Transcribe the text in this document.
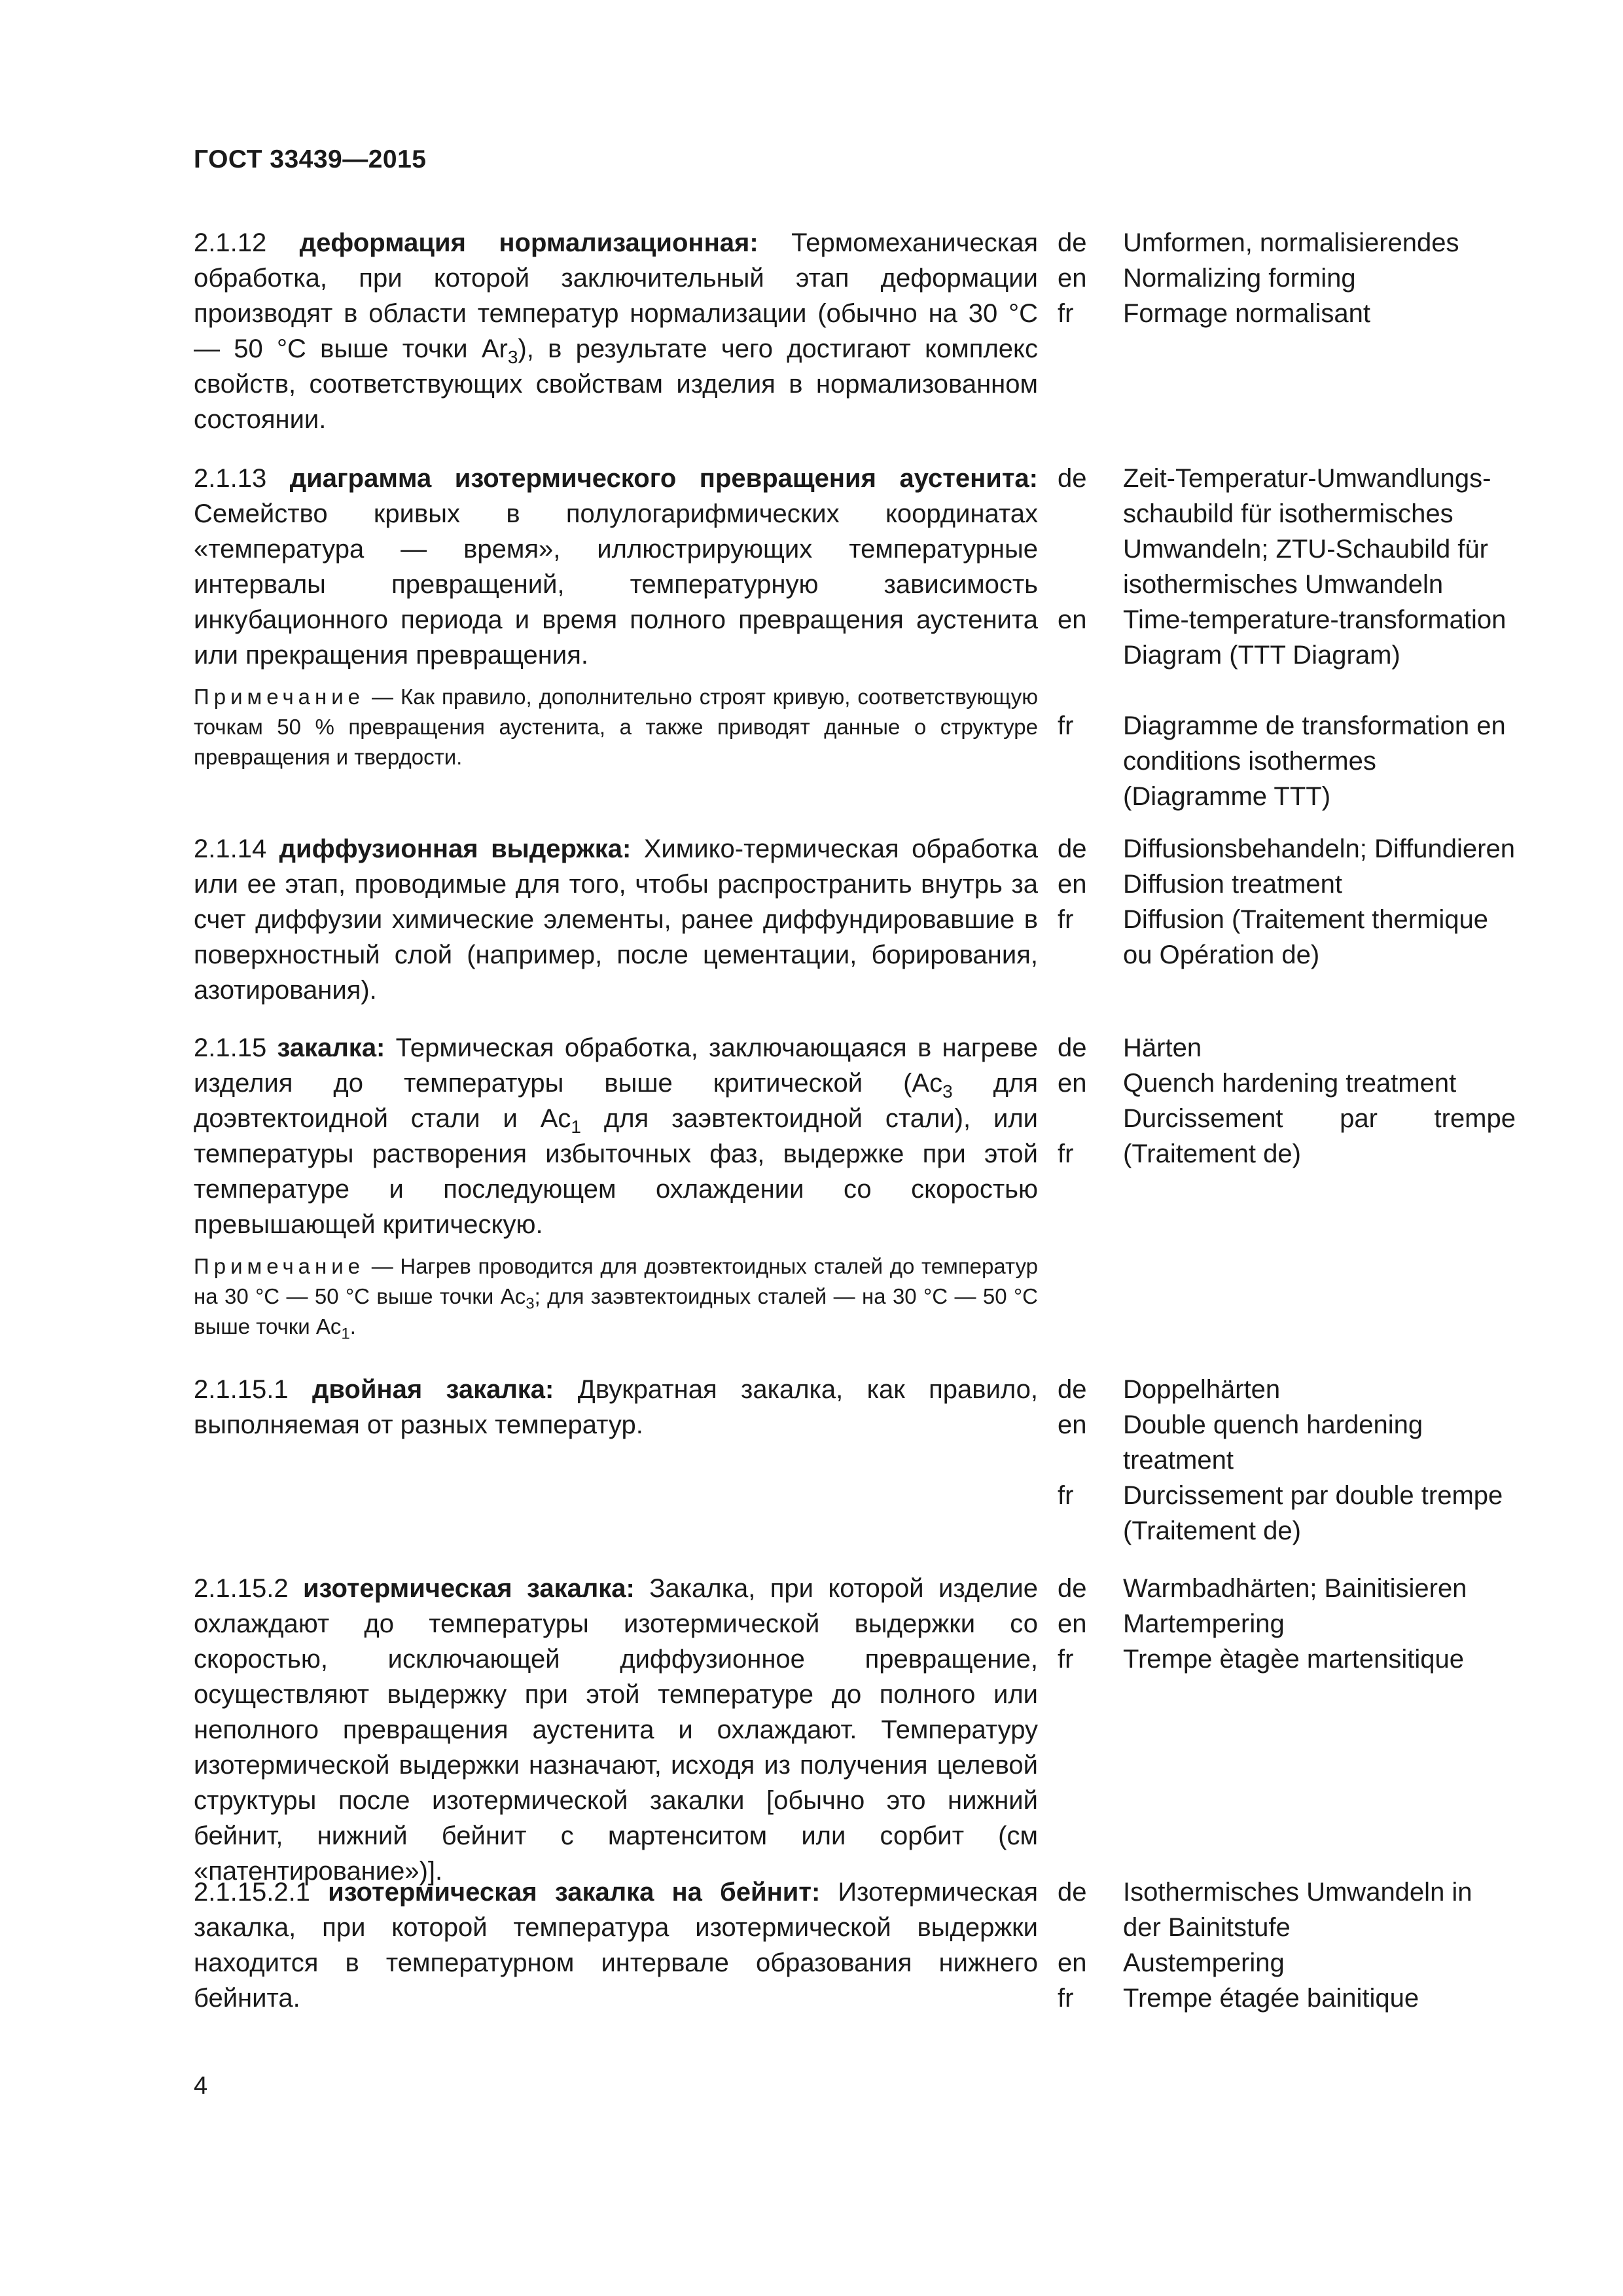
ГОСТ 33439—2015
2.1.12 деформация нормализационная: Термомеханическая обработка, при которой заключительный этап деформации производят в области температур нормализации (обычно на 30 °C — 50 °C выше точки $Ar_3$), в результате чего достигают комплекс свойств, соответствующих свойствам изделия в нормализованном состоянии.
de Umformen, normalisierendes
en Normalizing forming
fr Formage normalisant
2.1.13 диаграмма изотермического превращения аустенита: Семейство кривых в полулогарифмических координатах «температура — время», иллюстрирующих температурные интервалы превращений, температурную зависимость инкубационного периода и время полного превращения аустенита или прекращения превращения.
Примечание — Как правило, дополнительно строят кривую, соответствующую точкам 50 % превращения аустенита, а также приводят данные о структуре превращения и твердости.
de Zeit-Temperatur-Umwandlungs-schaubild für isothermisches Umwandeln; ZTU-Schaubild für isothermisches Umwandeln
en Time-temperature-transformation Diagram (TTT Diagram)
fr Diagramme de transformation en conditions isothermes (Diagramme TTT)
2.1.14 диффузионная выдержка: Химико-термическая обработка или ее этап, проводимые для того, чтобы распространить внутрь за счет диффузии химические элементы, ранее диффундировавшие в поверхностный слой (например, после цементации, борирования, азотирования).
de Diffusionsbehandeln; Diffundieren
en Diffusion treatment
fr Diffusion (Traitement thermique ou Opération de)
2.1.15 закалка: Термическая обработка, заключающаяся в нагреве изделия до температуры выше критической ($Ac_3$ для доэвтектоидной стали и $Ac_1$ для заэвтектоидной стали), или температуры растворения избыточных фаз, выдержке при этой температуре и последующем охлаждении со скоростью превышающей критическую.
Примечание — Нагрев проводится для доэвтектоидных сталей до температур на 30 °C — 50 °C выше точки $Ac_3$; для заэвтектоидных сталей — на 30 °C — 50 °C выше точки $Ac_1$.
de Härten
en Quench hardening treatment
Durcissement par trempe
fr (Traitement de)
2.1.15.1 двойная закалка: Двукратная закалка, как правило, выполняемая от разных температур.
de Doppelhärten
en Double quench hardening treatment
fr Durcissement par double trempe (Traitement de)
2.1.15.2 изотермическая закалка: Закалка, при которой изделие охлаждают до температуры изотермической выдержки со скоростью, исключающей диффузионное превращение, осуществляют выдержку при этой температуре до полного или неполного превращения аустенита и охлаждают. Температуру изотермической выдержки назначают, исходя из получения целевой структуры после изотермической закалки [обычно это нижний бейнит, нижний бейнит с мартенситом или сорбит (см «патентирование»)].
de Warmbadhärten; Bainitisieren
en Martempering
fr Trempe ètagèe martensitique
2.1.15.2.1 изотермическая закалка на бейнит: Изотермическая закалка, при которой температура изотермической выдержки находится в температурном интервале образования нижнего бейнита.
de Isothermisches Umwandeln in der Bainitstufe
en Austempering
fr Trempe étagée bainitique
4
